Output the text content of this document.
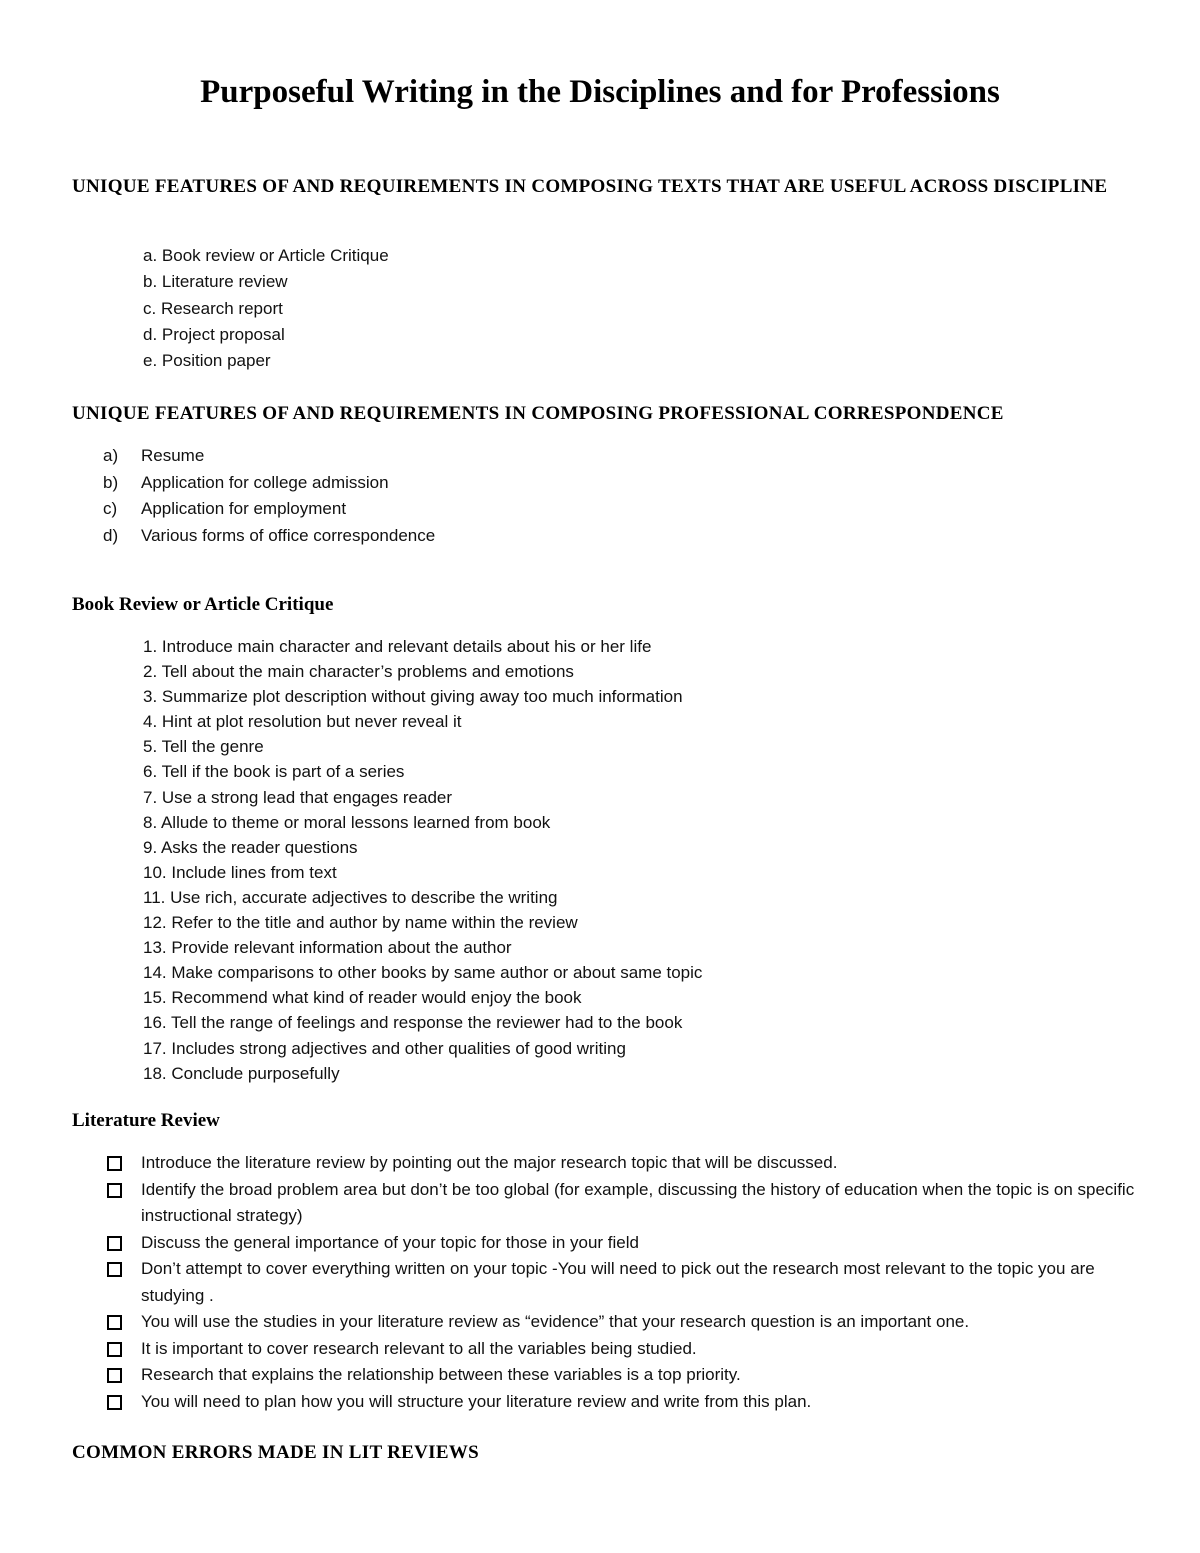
Purposeful Writing in the Disciplines and for Professions
UNIQUE FEATURES OF AND REQUIREMENTS IN COMPOSING TEXTS THAT ARE USEFUL ACROSS DISCIPLINE
a. Book review or Article Critique
b. Literature review
c. Research report
d. Project proposal
e. Position paper
UNIQUE FEATURES OF AND REQUIREMENTS IN COMPOSING PROFESSIONAL CORRESPONDENCE
a) Resume
b) Application for college admission
c) Application for employment
d) Various forms of office correspondence
Book Review or Article Critique
1. Introduce main character and relevant details about his or her life
2. Tell about the main character’s problems and emotions
3. Summarize plot description without giving away too much information
4. Hint at plot resolution but never reveal it
5. Tell the genre
6. Tell if the book is part of a series
7. Use a strong lead that engages reader
8. Allude to theme or moral lessons learned from book
9. Asks the reader questions
10. Include lines from text
11. Use rich, accurate adjectives to describe the writing
12. Refer to the title and author by name within the review
13. Provide relevant information about the author
14. Make comparisons to other books by same author or about same topic
15. Recommend what kind of reader would enjoy the book
16. Tell the range of feelings and response the reviewer had to the book
17. Includes strong adjectives and other qualities of good writing
18. Conclude purposefully
Literature Review
Introduce the literature review by pointing out the major research topic that will be discussed.
Identify the broad problem area but don’t be too global (for example, discussing the history of education when the topic is on specific instructional strategy)
Discuss the general importance of your topic for those in your field
Don’t attempt to cover everything written on your topic -You will need to pick out the research most relevant to the topic you are studying .
You will use the studies in your literature review as “evidence” that your research question is an important one.
It is important to cover research relevant to all the variables being studied.
Research that explains the relationship between these variables is a top priority.
You will need to plan how you will structure your literature review and write from this plan.
COMMON ERRORS MADE IN LIT REVIEWS
